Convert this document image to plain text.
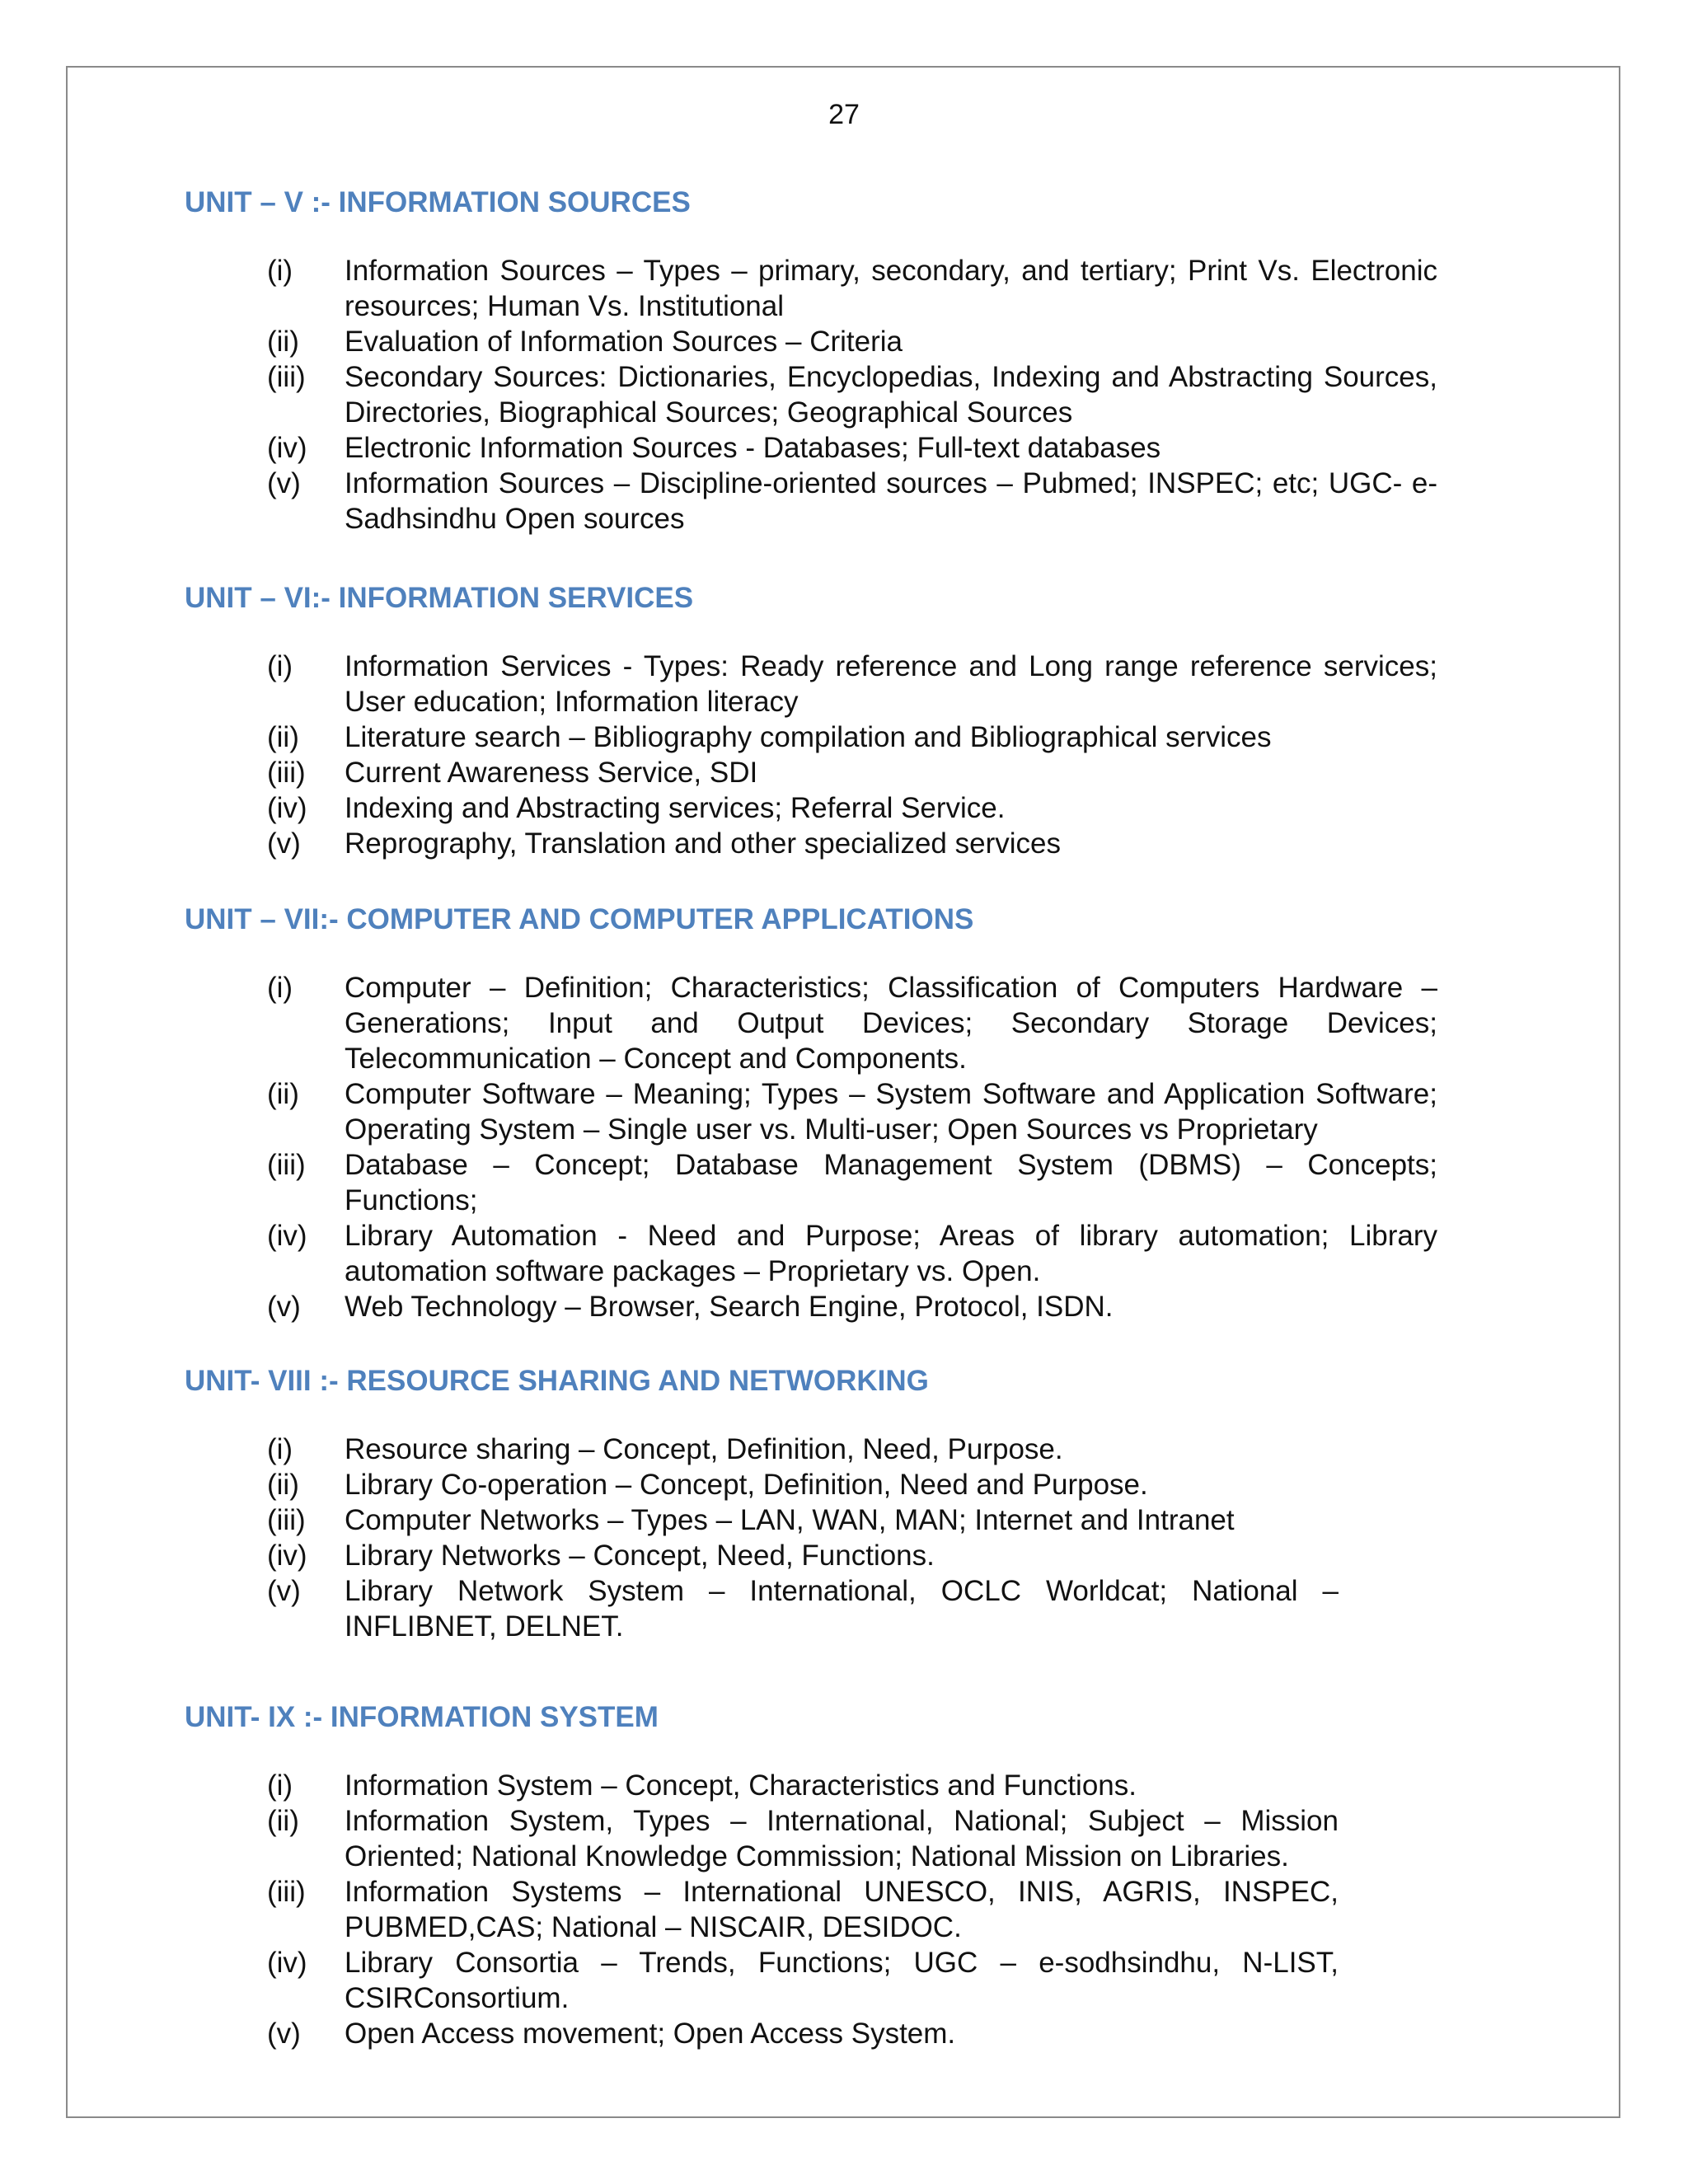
27
UNIT – V :- INFORMATION SOURCES
(i) Information Sources – Types – primary, secondary, and tertiary; Print Vs. Electronic resources; Human Vs. Institutional
(ii) Evaluation of Information Sources – Criteria
(iii) Secondary Sources: Dictionaries, Encyclopedias, Indexing and Abstracting Sources, Directories, Biographical Sources; Geographical Sources
(iv) Electronic Information Sources - Databases; Full-text databases
(v) Information Sources – Discipline-oriented sources – Pubmed; INSPEC; etc; UGC- e-Sadhsindhu Open sources
UNIT – VI:- INFORMATION SERVICES
(i) Information Services - Types: Ready reference and Long range reference services; User education; Information literacy
(ii) Literature search – Bibliography compilation and Bibliographical services
(iii) Current Awareness Service, SDI
(iv) Indexing and Abstracting services; Referral Service.
(v) Reprography, Translation and other specialized services
UNIT – VII:- COMPUTER AND COMPUTER APPLICATIONS
(i) Computer – Definition; Characteristics; Classification of Computers Hardware – Generations; Input and Output Devices; Secondary Storage Devices; Telecommunication – Concept and Components.
(ii) Computer Software – Meaning; Types – System Software and Application Software; Operating System – Single user vs. Multi-user; Open Sources vs Proprietary
(iii) Database – Concept; Database Management System (DBMS) – Concepts; Functions;
(iv) Library Automation - Need and Purpose; Areas of library automation; Library automation software packages – Proprietary vs. Open.
(v) Web Technology – Browser, Search Engine, Protocol, ISDN.
UNIT- VIII :- RESOURCE SHARING AND NETWORKING
(i) Resource sharing – Concept, Definition, Need, Purpose.
(ii) Library Co-operation – Concept, Definition, Need and Purpose.
(iii) Computer Networks – Types – LAN, WAN, MAN; Internet and Intranet
(iv) Library Networks – Concept, Need, Functions.
(v) Library Network System – International, OCLC Worldcat; National –INFLIBNET, DELNET.
UNIT- IX :- INFORMATION SYSTEM
(i) Information System – Concept, Characteristics and Functions.
(ii) Information System, Types – International, National; Subject – Mission Oriented; National Knowledge Commission; National Mission on Libraries.
(iii) Information Systems – International UNESCO, INIS, AGRIS, INSPEC, PUBMED,CAS; National – NISCAIR, DESIDOC.
(iv) Library Consortia – Trends, Functions; UGC – e-sodhsindhu, N-LIST, CSIRConsortium.
(v) Open Access movement; Open Access System.
